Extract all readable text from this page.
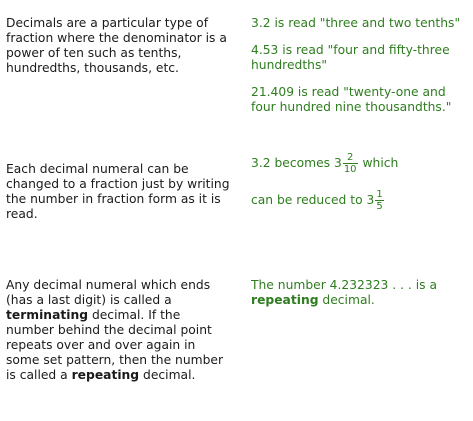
Decimals are a particular type of fraction where the denominator is a power of ten such as tenths, hundredths, thousands, etc.

3.2 is read "three and two tenths"

4.53 is read "four and fifty-three hundredths"

21.409 is read "twenty-one and four hundred nine thousandths."

Each decimal numeral can be changed to a fraction just by writing the number in fraction form as it is read.

3.2 becomes $3 \frac{2}{10}$ which

can be reduced to $3 \frac{1}{5}$

Any decimal numeral which ends (has a last digit) is called a terminating decimal. If the number behind the decimal point repeats over and over again in some set pattern, then the number is called a repeating decimal.

The number 4.232323 . . . is a repeating decimal.
